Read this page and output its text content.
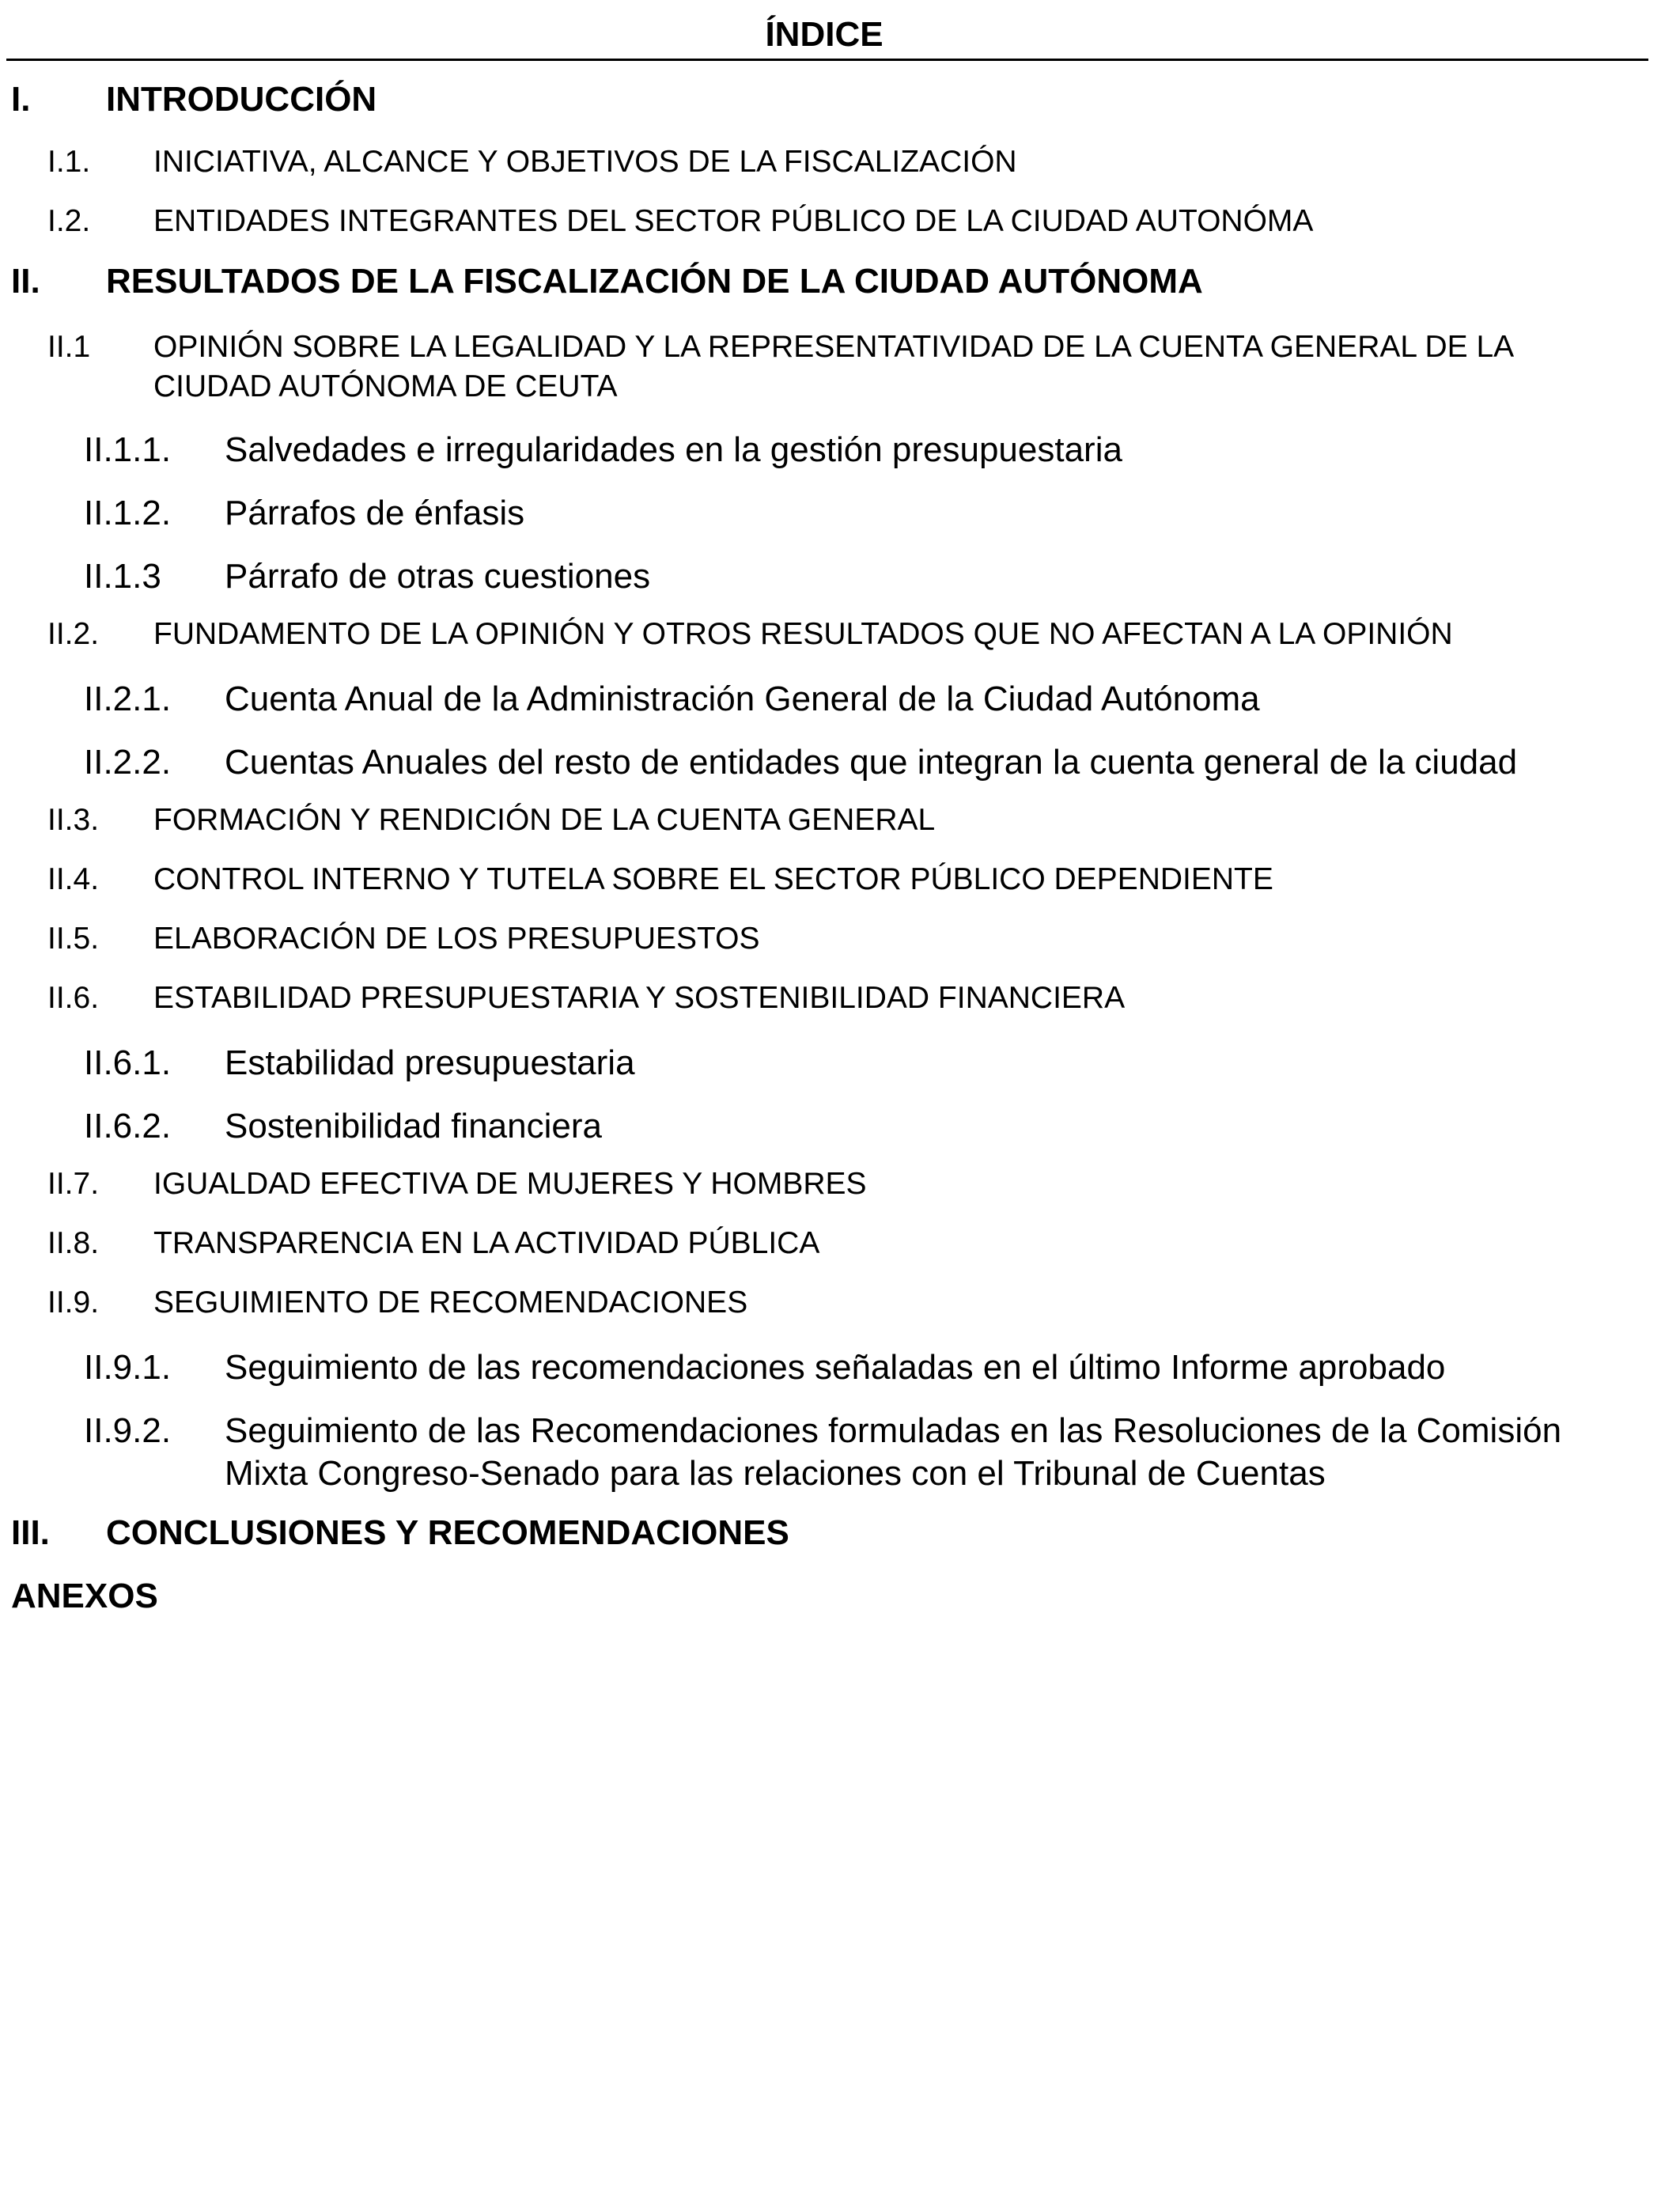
ÍNDICE
I. INTRODUCCIÓN
I.1. INICIATIVA, ALCANCE Y OBJETIVOS DE LA FISCALIZACIÓN
I.2. ENTIDADES INTEGRANTES DEL SECTOR PÚBLICO DE LA CIUDAD AUTONÓMA
II. RESULTADOS DE LA FISCALIZACIÓN DE LA CIUDAD AUTÓNOMA
II.1 OPINIÓN SOBRE LA LEGALIDAD Y LA REPRESENTATIVIDAD DE LA CUENTA GENERAL DE LA CIUDAD AUTÓNOMA DE CEUTA
II.1.1. Salvedades e irregularidades en la gestión presupuestaria
II.1.2. Párrafos de énfasis
II.1.3 Párrafo de otras cuestiones
II.2. FUNDAMENTO DE LA OPINIÓN Y OTROS RESULTADOS QUE NO AFECTAN A LA OPINIÓN
II.2.1. Cuenta Anual de la Administración General de la Ciudad Autónoma
II.2.2. Cuentas Anuales del resto de entidades que integran la cuenta general de la ciudad
II.3. FORMACIÓN Y RENDICIÓN DE LA CUENTA GENERAL
II.4. CONTROL INTERNO Y TUTELA SOBRE EL SECTOR PÚBLICO DEPENDIENTE
II.5. ELABORACIÓN DE LOS PRESUPUESTOS
II.6. ESTABILIDAD PRESUPUESTARIA Y SOSTENIBILIDAD FINANCIERA
II.6.1. Estabilidad presupuestaria
II.6.2. Sostenibilidad financiera
II.7. IGUALDAD EFECTIVA DE MUJERES Y HOMBRES
II.8. TRANSPARENCIA EN LA ACTIVIDAD PÚBLICA
II.9. SEGUIMIENTO DE RECOMENDACIONES
II.9.1. Seguimiento de las recomendaciones señaladas en el último Informe aprobado
II.9.2. Seguimiento de las Recomendaciones formuladas en las Resoluciones de la Comisión Mixta Congreso-Senado para las relaciones con el Tribunal de Cuentas
III. CONCLUSIONES Y RECOMENDACIONES
ANEXOS
